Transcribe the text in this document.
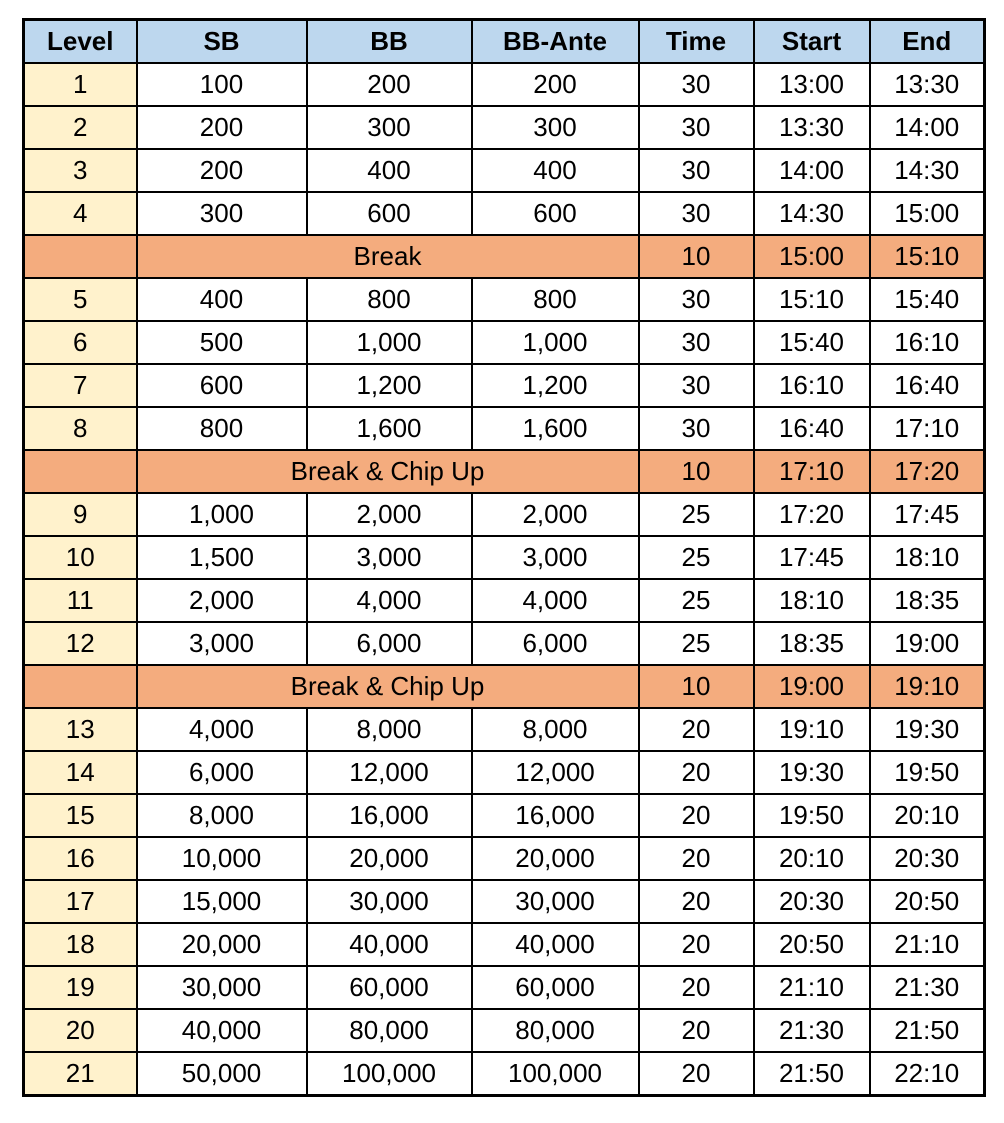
Level	SB	BB	BB-Ante	Time	Start	End
1	100	200	200	30	13:00	13:30
2	200	300	300	30	13:30	14:00
3	200	400	400	30	14:00	14:30
4	300	600	600	30	14:30	15:00
	Break			10	15:00	15:10
5	400	800	800	30	15:10	15:40
6	500	1,000	1,000	30	15:40	16:10
7	600	1,200	1,200	30	16:10	16:40
8	800	1,600	1,600	30	16:40	17:10
	Break & Chip Up			10	17:10	17:20
9	1,000	2,000	2,000	25	17:20	17:45
10	1,500	3,000	3,000	25	17:45	18:10
11	2,000	4,000	4,000	25	18:10	18:35
12	3,000	6,000	6,000	25	18:35	19:00
	Break & Chip Up			10	19:00	19:10
13	4,000	8,000	8,000	20	19:10	19:30
14	6,000	12,000	12,000	20	19:30	19:50
15	8,000	16,000	16,000	20	19:50	20:10
16	10,000	20,000	20,000	20	20:10	20:30
17	15,000	30,000	30,000	20	20:30	20:50
18	20,000	40,000	40,000	20	20:50	21:10
19	30,000	60,000	60,000	20	21:10	21:30
20	40,000	80,000	80,000	20	21:30	21:50
21	50,000	100,000	100,000	20	21:50	22:10
